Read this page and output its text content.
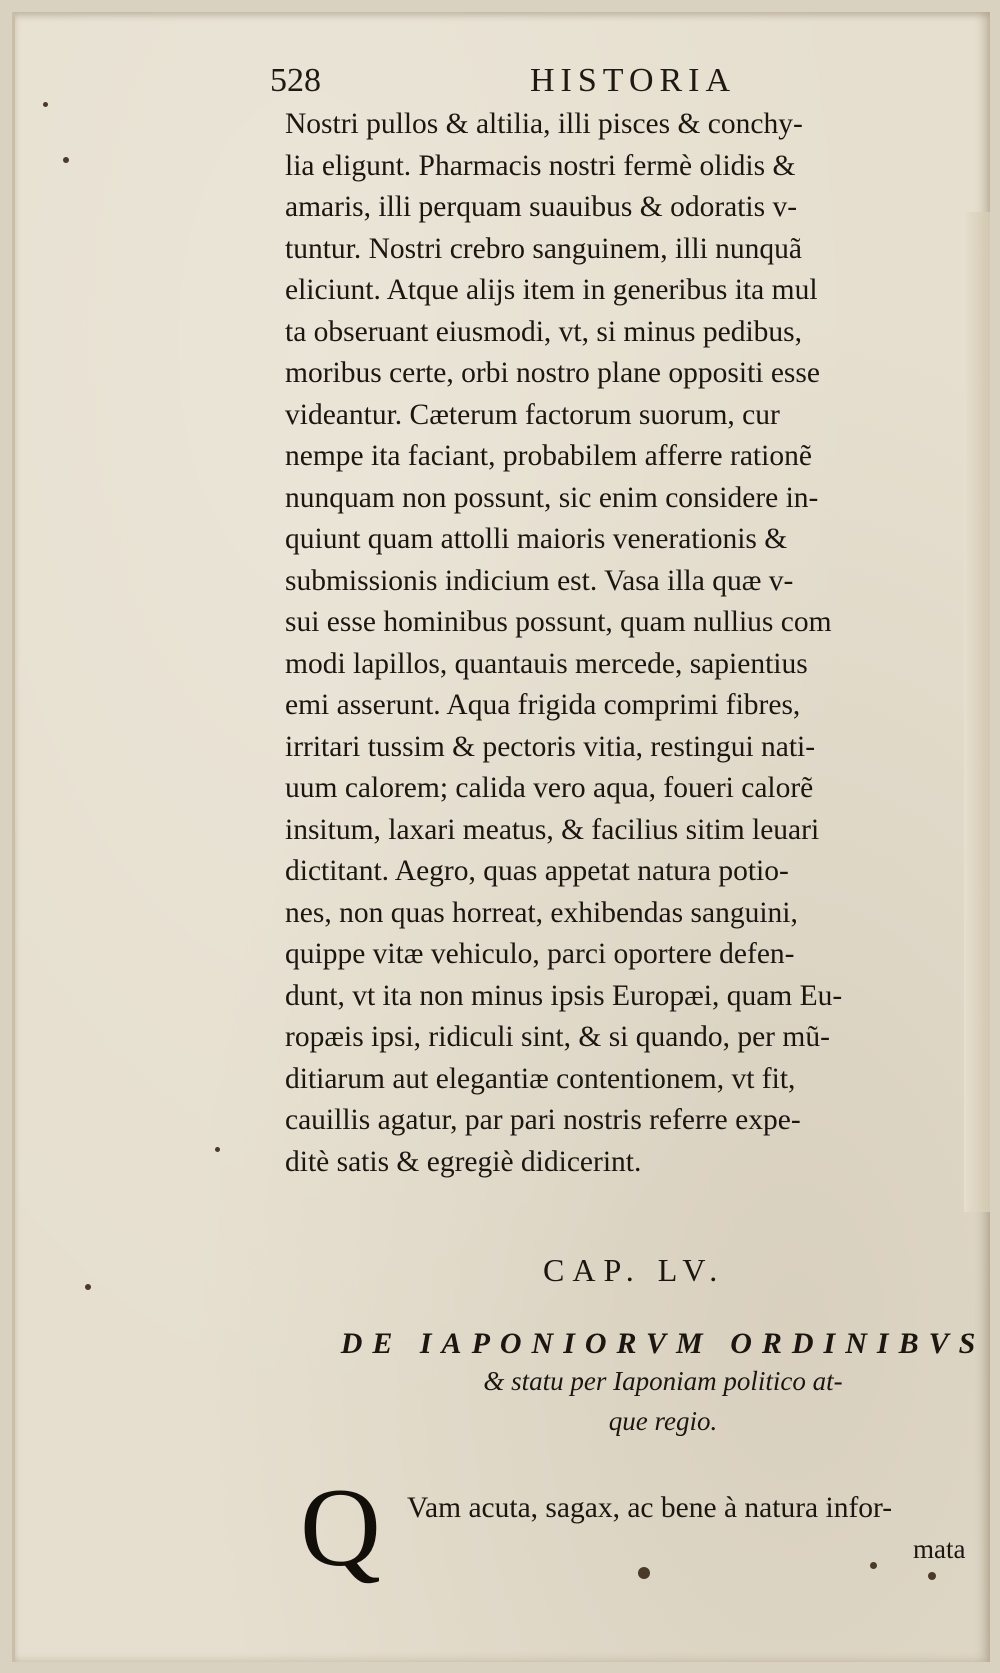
528	HISTORIA
Nostri pullos & altilia, illi pisces & conchy-
lia eligunt. Pharmacis nostri fermè olidis &
amaris, illi perquam suauibus & odoratis v-
tuntur. Nostri crebro sanguinem, illi nunquã
eliciunt. Atque alijs item in generibus ita mul
ta obseruant eiusmodi, vt, si minus pedibus,
moribus certe, orbi nostro plane oppositi esse
videantur. Cæterum factorum suorum, cur
nempe ita faciant, probabilem afferre rationẽ
nunquam non possunt, sic enim considere in-
quiunt quam attolli maioris venerationis &
submissionis indicium est. Vasa illa quæ v-
sui esse hominibus possunt, quam nullius com
modi lapillos, quantauis mercede, sapientius
emi asserunt. Aqua frigida comprimi fibres,
irritari tussim & pectoris vitia, restingui nati-
uum calorem; calida vero aqua, foueri calorẽ
insitum, laxari meatus, & facilius sitim leuari
dictitant. Aegro, quas appetat natura potio-
nes, non quas horreat, exhibendas sanguini,
quippe vitæ vehiculo, parci oportere defen-
dunt, vt ita non minus ipsis Europæi, quam Eu-
ropæis ipsi, ridiculi sint, & si quando, per mũ-
ditiarum aut elegantiæ contentionem, vt fit,
cauillis agatur, par pari nostris referre expe-
ditè satis & egregiè didicerint.
CAP. LV.
DE IAPONIORVM ORDINIBVS
& statu per Iaponiam politico at-
que regio.
Q Vam acuta, sagax, ac bene à natura infor-
mata
